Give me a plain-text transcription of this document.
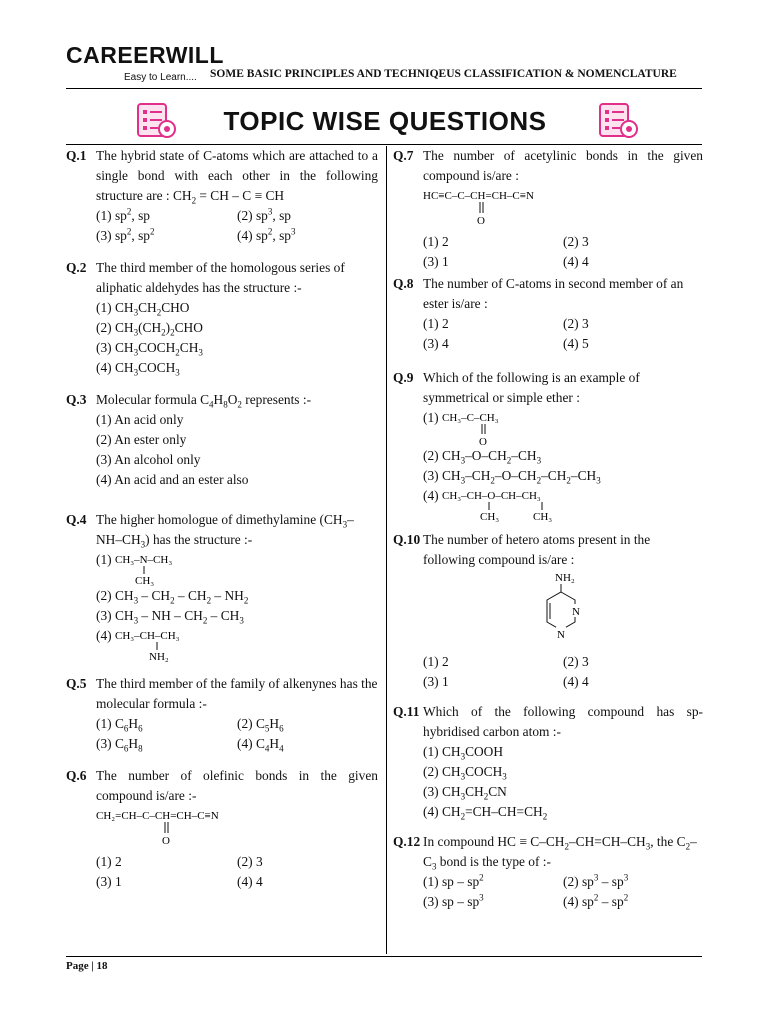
CAREERWILL
Easy to Learn.... SOME BASIC PRINCIPLES AND TECHNIQEUS CLASSIFICATION & NOMENCLATURE
TOPIC WISE QUESTIONS
Q.1 The hybrid state of C-atoms which are attached to a single bond with each other in the following structure are : $CH_2$ = CH – C ≡ CH
(1) $sp^2$, sp	(2) $sp^3$, sp
(3) $sp^2$, $sp^2$	(4) $sp^2$, $sp^3$
Q.2 The third member of the homologous series of aliphatic aldehydes has the structure :-
(1) $CH_3CH_2CHO$
(2) $CH_3(CH_2)_2CHO$
(3) $CH_3COCH_2CH_3$
(4) $CH_3COCH_3$
Q.3 Molecular formula $C_4H_8O_2$ represents :-
(1) An acid only
(2) An ester only
(3) An alcohol only
(4) An acid and an ester also
Q.4 The higher homologue of dimethylamine $(CH_3-NH-CH_3)$ has the structure :-
(1) CH₃–N–CH₃
CH₃
(2) $CH_3 - CH_2 - CH_2 - NH_2$
(3) $CH_3$ – NH – $CH_2 - CH_3$
(4) CH₃–CH–CH₃
NH₂
Q.5 The third member of the family of alkenynes has the molecular formula :-
(1) $C_6H_6$	(2) $C_5H_6$
(3) $C_6H_8$	(4) $C_4H_4$
Q.6 The number of olefinic bonds in the given compound is/are :-
CH₂=CH–C–CH=CH–C≡N
O
(1) 2	(2) 3
(3) 1	(4) 4
Q.7 The number of acetylinic bonds in the given compound is/are :
HC≡C–C–CH=CH–C≡N
O
(1) 2	(2) 3
(3) 1	(4) 4
Q.8 The number of C-atoms in second member of an ester is/are :
(1) 2	(2) 3
(3) 4	(4) 5
Q.9 Which of the following is an example of symmetrical or simple ether :
(1) CH₃–C–CH₃
O
(2) $CH_3-O-CH_2-CH_3$
(3) $CH_3-CH_2-O-CH_2-CH_2-CH_3$
(4) CH₃–CH–O–CH–CH₃
CH₃	CH₃
Q.10 The number of hetero atoms present in the following compound is/are :
NH₂
N
N
(1) 2	(2) 3
(3) 1	(4) 4
Q.11 Which of the following compound has sp-hybridised carbon atom :-
(1) $CH_3COOH$
(2) $CH_3COCH_3$
(3) $CH_3CH_2CN$
(4) $CH_2=CH-CH=CH_2$
Q.12 In compound HC ≡ $C-CH_2-CH=CH-CH_3$, the $C_2-C_3$ bond is the type of :-
(1) sp – $sp^2$	(2) $sp^3 - sp^3$
(3) sp – $sp^3$	(4) $sp^2 - sp^2$
Page | 18
